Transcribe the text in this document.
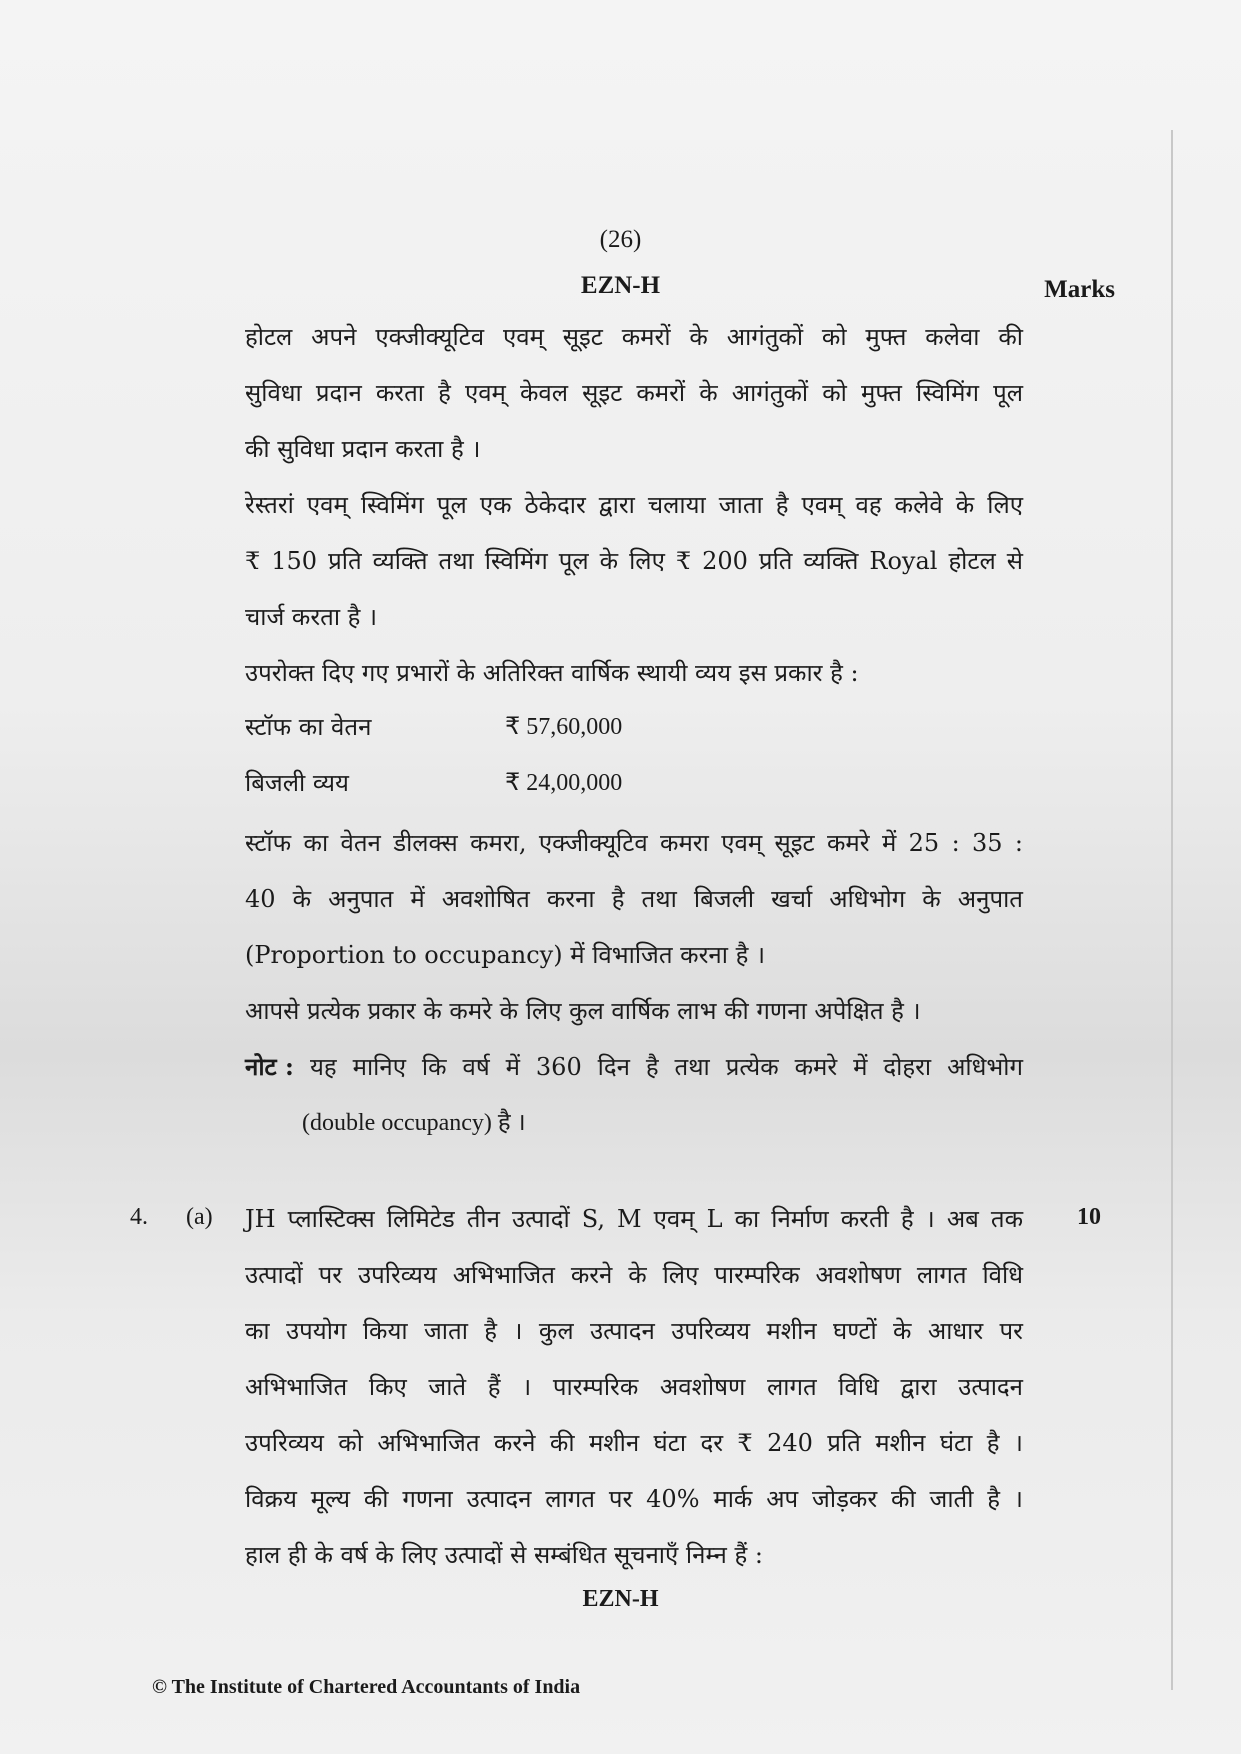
(26)
EZN-H	Marks
होटल अपने एक्जीक्यूटिव एवम् सूइट कमरों के आगंतुकों को मुफ्त कलेवा की
सुविधा प्रदान करता है एवम् केवल सूइट कमरों के आगंतुकों को मुफ्त स्विमिंग पूल
की सुविधा प्रदान करता है ।
रेस्तरां एवम् स्विमिंग पूल एक ठेकेदार द्वारा चलाया जाता है एवम् वह कलेवे के लिए
₹ 150 प्रति व्यक्ति तथा स्विमिंग पूल के लिए ₹ 200 प्रति व्यक्ति Royal होटल से
चार्ज करता है ।
उपरोक्त दिए गए प्रभारों के अतिरिक्त वार्षिक स्थायी व्यय इस प्रकार है :
स्टॉफ का वेतन	₹ 57,60,000
बिजली व्यय	₹ 24,00,000
स्टॉफ का वेतन डीलक्स कमरा, एक्जीक्यूटिव कमरा एवम् सूइट कमरे में 25 : 35 :
40 के अनुपात में अवशोषित करना है तथा बिजली खर्चा अधिभोग के अनुपात
(Proportion to occupancy) में विभाजित करना है ।
आपसे प्रत्येक प्रकार के कमरे के लिए कुल वार्षिक लाभ की गणना अपेक्षित है ।
नोट : यह मानिए कि वर्ष में 360 दिन है तथा प्रत्येक कमरे में दोहरा अधिभोग
(double occupancy) है ।
4. (a)	10
JH प्लास्टिक्स लिमिटेड तीन उत्पादों S, M एवम् L का निर्माण करती है । अब तक
उत्पादों पर उपरिव्यय अभिभाजित करने के लिए पारम्परिक अवशोषण लागत विधि
का उपयोग किया जाता है । कुल उत्पादन उपरिव्यय मशीन घण्टों के आधार पर
अभिभाजित किए जाते हैं । पारम्परिक अवशोषण लागत विधि द्वारा उत्पादन
उपरिव्यय को अभिभाजित करने की मशीन घंटा दर ₹ 240 प्रति मशीन घंटा है ।
विक्रय मूल्य की गणना उत्पादन लागत पर 40% मार्क अप जोड़कर की जाती है ।
हाल ही के वर्ष के लिए उत्पादों से सम्बंधित सूचनाएँ निम्न हैं :
EZN-H
© The Institute of Chartered Accountants of India
